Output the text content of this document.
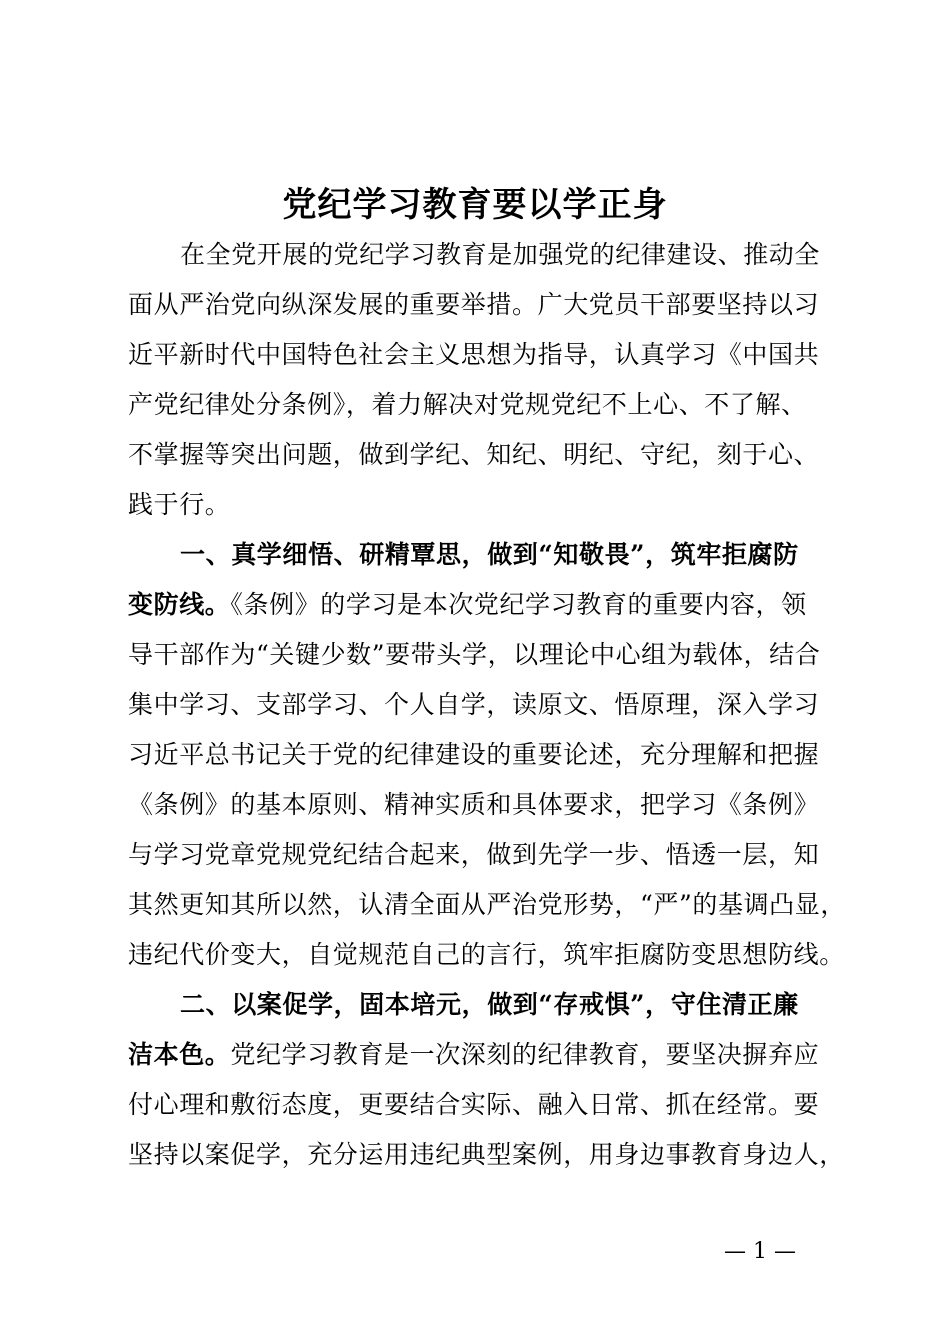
党纪学习教育要以学正身
在全党开展的党纪学习教育是加强党的纪律建设、推动全
面从严治党向纵深发展的重要举措。广大党员干部要坚持以习
近平新时代中国特色社会主义思想为指导，认真学习《中国共
产党纪律处分条例》，着力解决对党规党纪不上心、不了解、
不掌握等突出问题，做到学纪、知纪、明纪、守纪，刻于心、
践于行。
一、真学细悟、研精覃思，做到“知敬畏”，筑牢拒腐防
变防线。《条例》的学习是本次党纪学习教育的重要内容，领
导干部作为“关键少数”要带头学，以理论中心组为载体，结合
集中学习、支部学习、个人自学，读原文、悟原理，深入学习
习近平总书记关于党的纪律建设的重要论述，充分理解和把握
《条例》的基本原则、精神实质和具体要求，把学习《条例》
与学习党章党规党纪结合起来，做到先学一步、悟透一层，知
其然更知其所以然，认清全面从严治党形势，“严”的基调凸显，
违纪代价变大，自觉规范自己的言行，筑牢拒腐防变思想防线。
二、以案促学，固本培元，做到“存戒惧”，守住清正廉
洁本色。党纪学习教育是一次深刻的纪律教育，要坚决摒弃应
付心理和敷衍态度，更要结合实际、融入日常、抓在经常。要
坚持以案促学，充分运用违纪典型案例，用身边事教育身边人，
— 1 —
